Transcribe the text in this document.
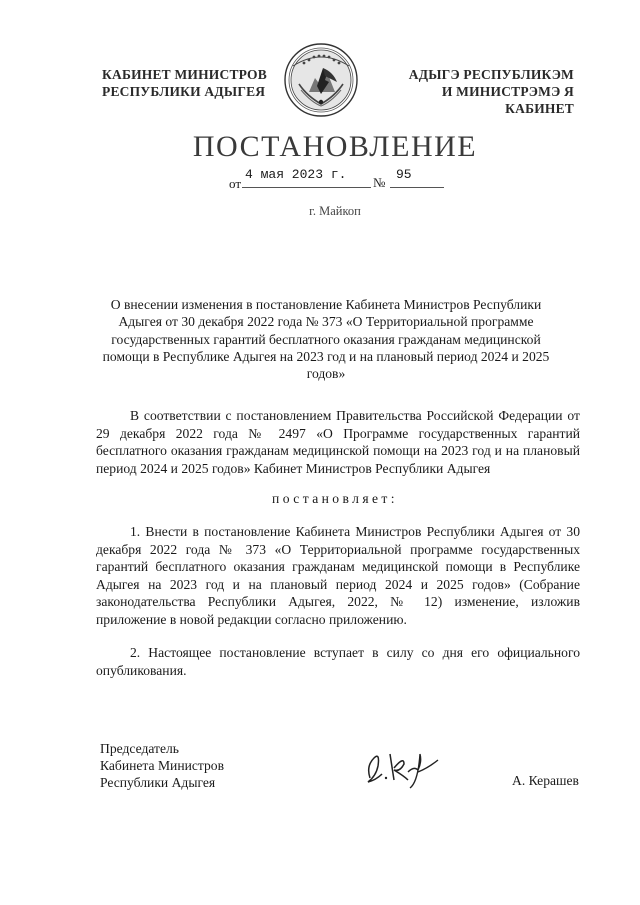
КАБИНЕТ МИНИСТРОВ
РЕСПУБЛИКИ АДЫГЕЯ
АДЫГЭ РЕСПУБЛИКЭМ
И МИНИСТРЭМЭ Я КАБИНЕТ
ПОСТАНОВЛЕНИЕ
от
4 мая 2023 г.
№
95
г. Майкоп
О внесении изменения в постановление Кабинета Министров Республики Адыгея от 30 декабря 2022 года № 373 «О Территориальной программе государственных гарантий бесплатного оказания гражданам медицинской помощи в Республике Адыгея на 2023 год и на плановый период 2024 и 2025 годов»
В соответствии с постановлением Правительства Российской Федерации от 29 декабря 2022 года № 2497 «О Программе государственных гарантий бесплатного оказания гражданам медицинской помощи на 2023 год и на плановый период 2024 и 2025 годов» Кабинет Министров Республики Адыгея
постановляет:
1. Внести в постановление Кабинета Министров Республики Адыгея от 30 декабря 2022 года № 373 «О Территориальной программе государственных гарантий бесплатного оказания гражданам медицинской помощи в Республике Адыгея на 2023 год и на плановый период 2024 и 2025 годов» (Собрание законодательства Республики Адыгея, 2022, № 12) изменение, изложив приложение в новой редакции согласно приложению.
2. Настоящее постановление вступает в силу со дня его официального опубликования.
Председатель
Кабинета Министров
Республики Адыгея	А. Керашев
